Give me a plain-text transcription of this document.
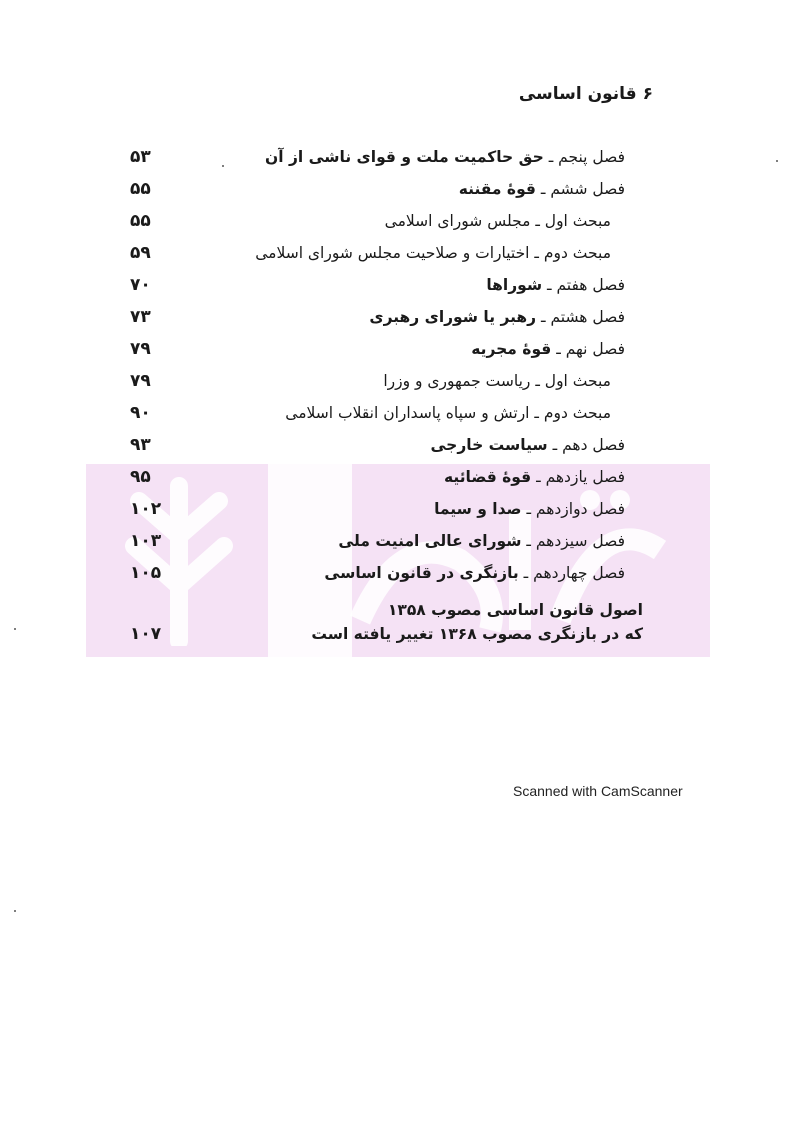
۶ قانون اساسی
فصل پنجم ـ حق حاکمیت ملت و قوای ناشی از آن
۵۳
فصل ششم ـ قوهٔ مقننه
۵۵
مبحث اول ـ مجلس شورای اسلامی
۵۵
مبحث دوم ـ اختیارات و صلاحیت مجلس شورای اسلامی
۵۹
فصل هفتم ـ شوراها
۷۰
فصل هشتم ـ رهبر یا شورای رهبری
۷۳
فصل نهم ـ قوهٔ مجریه
۷۹
مبحث اول ـ ریاست جمهوری و وزرا
۷۹
مبحث دوم ـ ارتش و سپاه پاسداران انقلاب اسلامی
۹۰
فصل دهم ـ سیاست خارجی
۹۳
فصل یازدهم ـ قوهٔ قضائیه
۹۵
فصل دوازدهم ـ صدا و سیما
۱۰۲
فصل سیزدهم ـ شورای عالی امنیت ملی
۱۰۳
فصل چهاردهم ـ بازنگری در قانون اساسی
۱۰۵
اصول قانون اساسی مصوب ۱۳۵۸
که در بازنگری مصوب ۱۳۶۸ تغییر یافته است
۱۰۷
Scanned with CamScanner
